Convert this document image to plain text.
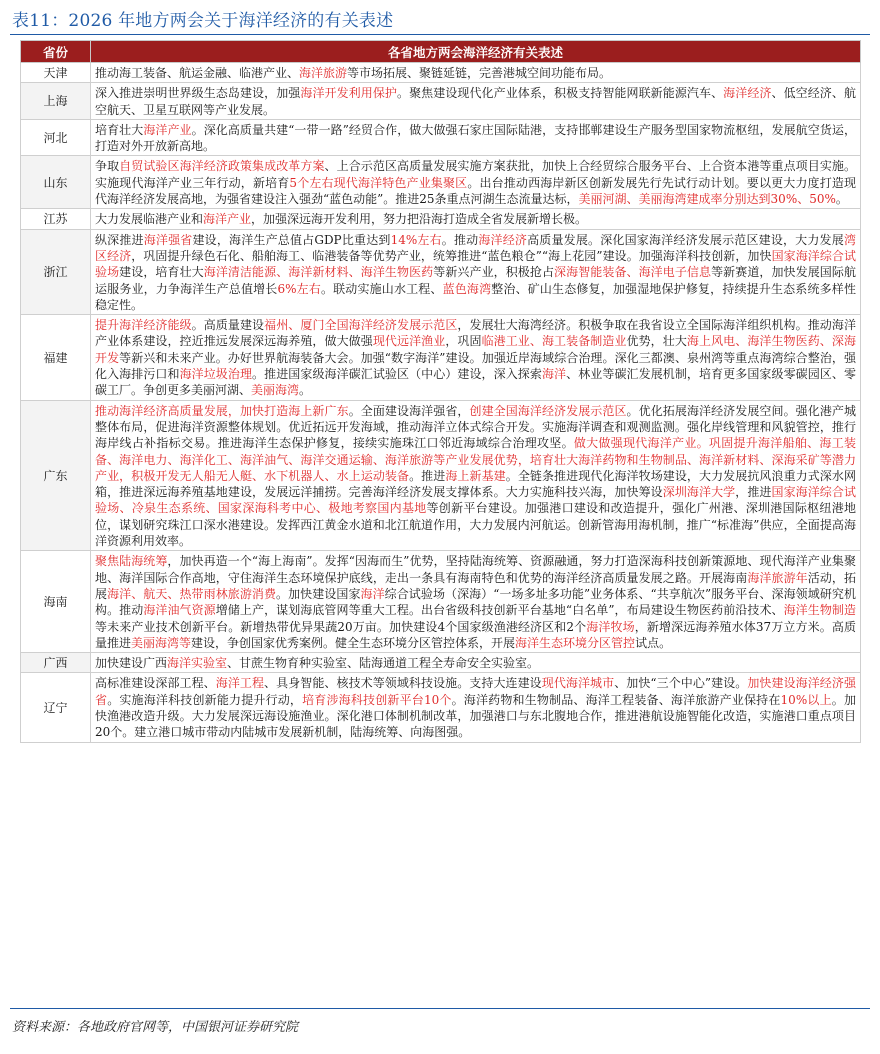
表11：2026 年地方两会关于海洋经济的有关表述
省份	各省地方两会海洋经济有关表述
天津	推动海工装备、航运金融、临港产业、海洋旅游等市场拓展、聚链延链，完善港城空间功能布局。
上海	深入推进崇明世界级生态岛建设，加强海洋开发利用保护。聚焦建设现代化产业体系，积极支持智能网联新能源汽车、海洋经济、低空经济、航空航天、卫星互联网等产业发展。
河北	培育壮大海洋产业。深化高质量共建“一带一路”经贸合作，做大做强石家庄国际陆港，支持邯郸建设生产服务型国家物流枢纽，发展航空货运，打造对外开放新高地。
山东	争取自贸试验区海洋经济政策集成改革方案、上合示范区高质量发展实施方案获批，加快上合经贸综合服务平台、上合资本港等重点项目实施。实施现代海洋产业三年行动，新培育5个左右现代海洋特色产业集聚区。出台推动西海岸新区创新发展先行先试行动计划。要以更大力度打造现代海洋经济发展高地，为强省建设注入强劲“蓝色动能”。推进25条重点河湖生态流量达标，美丽河湖、美丽海湾建成率分别达到30%、50%。
江苏	大力发展临港产业和海洋产业，加强深远海开发利用，努力把沿海打造成全省发展新增长极。
浙江	纵深推进海洋强省建设，海洋生产总值占GDP比重达到14%左右。推动海洋经济高质量发展。深化国家海洋经济发展示范区建设，大力发展湾区经济，巩固提升绿色石化、船舶海工、临港装备等优势产业，统筹推进“蓝色粮仓”“海上花园”建设。加强海洋科技创新，加快国家海洋综合试验场建设，培育壮大海洋清洁能源、海洋新材料、海洋生物医药等新兴产业，积极抢占深海智能装备、海洋电子信息等新赛道，加快发展国际航运服务业，力争海洋生产总值增长6%左右。联动实施山水工程、蓝色海湾整治、矿山生态修复，加强湿地保护修复，持续提升生态系统多样性稳定性。
福建	提升海洋经济能级。高质量建设福州、厦门全国海洋经济发展示范区，发展壮大海湾经济。积极争取在我省设立全国际海洋组织机构。推动海洋产业体系建设，控近推远发展深远海养殖，做大做强现代远洋渔业，巩固临港工业、海工装备制造业优势，壮大海上风电、海洋生物医药、深海开发等新兴和未来产业。办好世界航海装备大会。加强“数字海洋”建设。加强近岸海域综合治理。深化三都澳、泉州湾等重点海湾综合整治，强化入海排污口和海洋垃圾治理。推进国家级海洋碳汇试验区（中心）建设，深入探索海洋、林业等碳汇发展机制，培育更多国家级零碳园区、零碳工厂。争创更多美丽河湖、美丽海湾。
广东	推动海洋经济高质量发展，加快打造海上新广东。全面建设海洋强省，创建全国海洋经济发展示范区。优化拓展海洋经济发展空间。强化港产城整体布局，促进海洋资源整体规划。优近拓远开发海域，推动海洋立体式综合开发。实施海洋调查和观测监测。强化岸线管理和风貌管控，推行海岸线占补指标交易。推进海洋生态保护修复，接续实施珠江口邻近海域综合治理攻坚。做大做强现代海洋产业。巩固提升海洋船舶、海工装备、海洋电力、海洋化工、海洋油气、海洋交通运输、海洋旅游等产业发展优势，培育壮大海洋药物和生物制品、海洋新材料、深海采矿等潜力产业，积极开发无人船无人艇、水下机器人、水上运动装备。推进海上新基建。全链条推进现代化海洋牧场建设，大力发展抗风浪重力式深水网箱，推进深远海养殖基地建设，发展远洋捕捞。完善海洋经济发展支撑体系。大力实施科技兴海，加快筹设深圳海洋大学，推进国家海洋综合试验场、冷泉生态系统、国家深海科考中心、极地考察国内基地等创新平台建设。加强港口建设和改造提升，强化广州港、深圳港国际枢纽港地位，谋划研究珠江口深水港建设。发挥西江黄金水道和北江航道作用，大力发展内河航运。创新管海用海机制，推广“标准海”供应，全面提高海洋资源利用效率。
海南	聚焦陆海统筹，加快再造一个“海上海南”。发挥“因海而生”优势，坚持陆海统筹、资源融通，努力打造深海科技创新策源地、现代海洋产业集聚地、海洋国际合作高地，守住海洋生态环境保护底线，走出一条具有海南特色和优势的海洋经济高质量发展之路。开展海南海洋旅游年活动，拓展海洋、航天、热带雨林旅游消费。加快建设国家海洋综合试验场（深海）“一场多址多功能”业务体系、“共享航次”服务平台、深海领域研究机构。推动海洋油气资源增储上产，谋划海底管网等重大工程。出台省级科技创新平台基地“白名单”，布局建设生物医药前沿技术、海洋生物制造等未来产业技术创新平台。新增热带优异果蔬20万亩。加快建设4个国家级渔港经济区和2个海洋牧场，新增深远海养殖水体37万立方米。高质量推进美丽海湾等建设，争创国家优秀案例。健全生态环境分区管控体系，开展海洋生态环境分区管控试点。
广西	加快建设广西海洋实验室、甘蔗生物育种实验室、陆海通道工程全寿命安全实验室。
辽宁	高标准建设深部工程、海洋工程、具身智能、核技术等领域科技设施。支持大连建设现代海洋城市、加快“三个中心”建设。加快建设海洋经济强省。实施海洋科技创新能力提升行动，培育涉海科技创新平台10个。海洋药物和生物制品、海洋工程装备、海洋旅游产业保持在10%以上。加快渔港改造升级。大力发展深远海设施渔业。深化港口体制机制改革，加强港口与东北腹地合作，推进港航设施智能化改造，实施港口重点项目20个。建立港口城市带动内陆城市发展新机制，陆海统筹、向海图强。
资料来源：各地政府官网等，中国银河证券研究院
